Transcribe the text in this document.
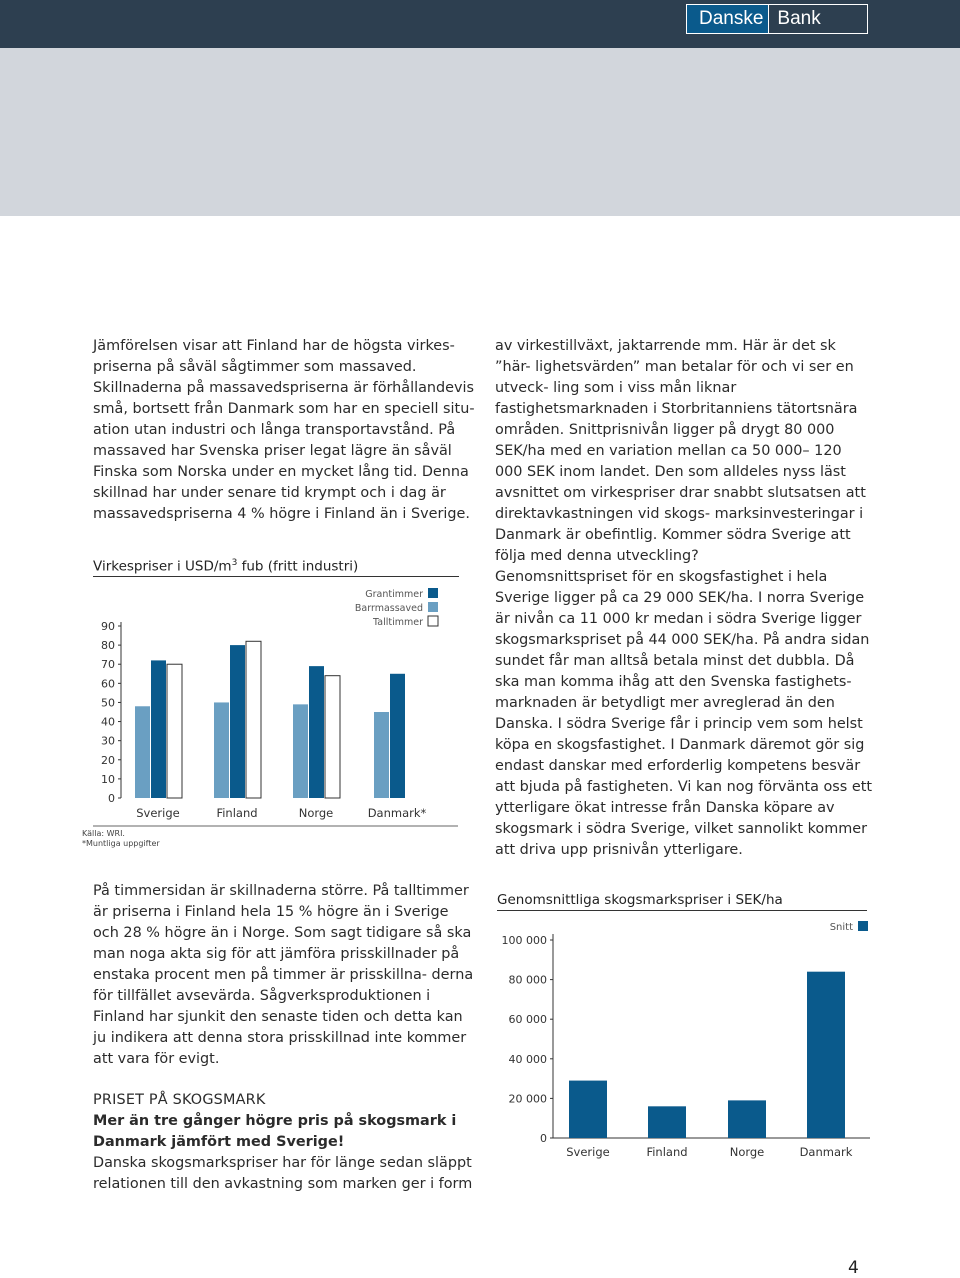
Danske Bank

Jämförelsen visar att Finland har de högsta virkes- priserna på såväl sågtimmer som massaved. Skillnaderna på massavedspriserna är förhållandevis små, bortsett från Danmark som har en speciell situ- ation utan industri och långa transportavstånd. På massaved har Svenska priser legat lägre än såväl Finska som Norska under en mycket lång tid. Denna skillnad har under senare tid krympt och i dag är massavedspriserna 4 % högre i Finland än i Sverige.

av virkestillväxt, jaktarrende mm. Här är det sk ”här- lighetsvärden” man betalar för och vi ser en utveck- ling som i viss mån liknar fastighetsmarknaden i Storbritanniens tätortsnära områden. Snittprisnivån ligger på drygt 80 000 SEK/ha med en variation mellan ca 50 000– 120 000 SEK inom landet. Den som alldeles nyss läst avsnittet om virkespriser drar snabbt slutsatsen att direktavkastningen vid skogs- marksinvesteringar i Danmark är obefintlig. Kommer södra Sverige att följa med denna utveckling?

Virkespriser i USD/$m^3$ fub (fritt industri)
0
10
20
30
40
50
60
70
80
90
Sverige	Finland	Norge	Danmark*
Grantimmer
Barrmassaved
Talltimmer
Källa: WRI.
*Muntliga uppgifter

Genomsnittspriset för en skogsfastighet i hela Sverige ligger på ca 29 000 SEK/ha. I norra Sverige är nivån ca 11 000 kr medan i södra Sverige ligger skogsmarkspriset på 44 000 SEK/ha. På andra sidan sundet får man alltså betala minst det dubbla. Då ska man komma ihåg att den Svenska fastighets- marknaden är betydligt mer avreglerad än den Danska. I södra Sverige får i princip vem som helst köpa en skogsfastighet. I Danmark däremot gör sig endast danskar med erforderlig kompetens besvär att bjuda på fastigheten. Vi kan nog förvänta oss ett ytterligare ökat intresse från Danska köpare av skogsmark i södra Sverige, vilket sannolikt kommer att driva upp prisnivån ytterligare.

På timmersidan är skillnaderna större. På talltimmer är priserna i Finland hela 15 % högre än i Sverige och 28 % högre än i Norge. Som sagt tidigare så ska man noga akta sig för att jämföra prisskillnader på enstaka procent men på timmer är prisskillna- derna för tillfället avsevärda. Sågverksproduktionen i Finland har sjunkit den senaste tiden och detta kan ju indikera att denna stora prisskillnad inte kommer att vara för evigt.

Genomsnittliga skogsmarkspriser i SEK/ha
0
20 000
40 000
60 000
80 000
100 000
Sverige	Finland	Norge	Danmark
Snitt

PRISET PÅ SKOGSMARK

Mer än tre gånger högre pris på skogsmark i Danmark jämfört med Sverige!

Danska skogsmarkspriser har för länge sedan släppt relationen till den avkastning som marken ger i form

4
